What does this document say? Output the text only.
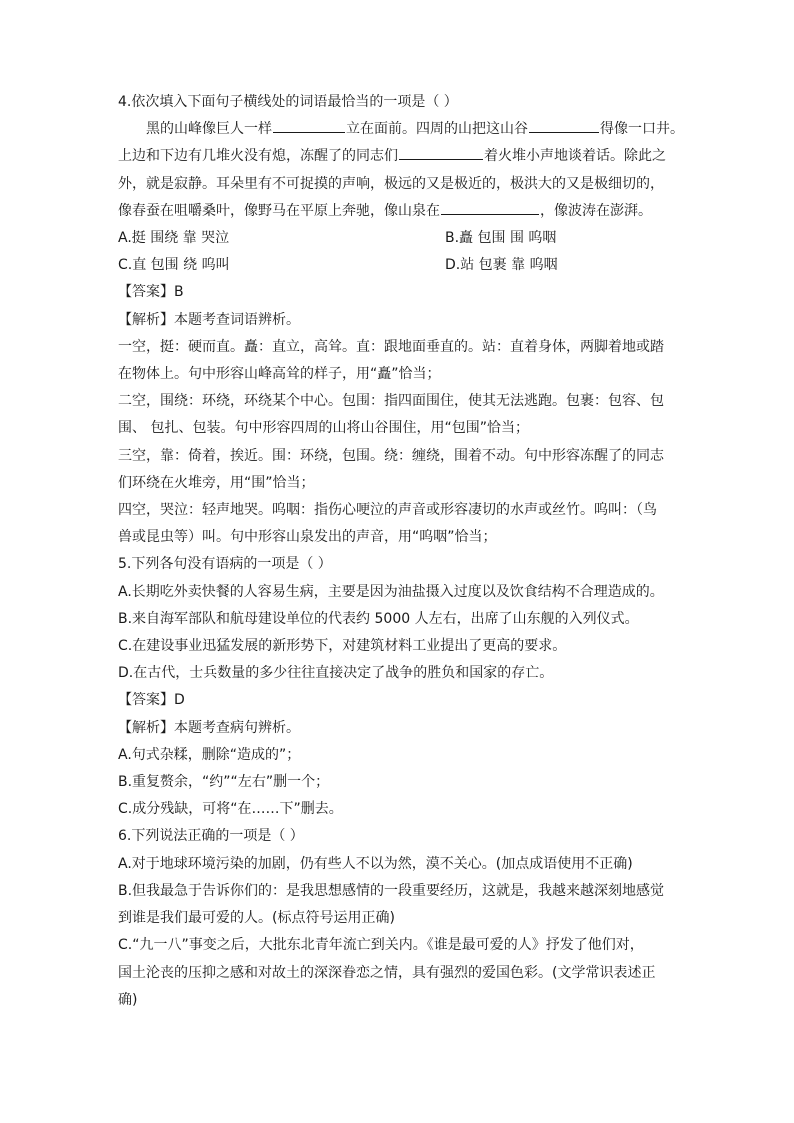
4.依次填入下面句子横线处的词语最恰当的一项是（ ）
黑的山峰像巨人一样	立在面前。四周的山把这山谷	得像一口井。
上边和下边有几堆火没有熄，冻醒了的同志们	着火堆小声地谈着话。除此之
外，就是寂静。耳朵里有不可捉摸的声响，极远的又是极近的，极洪大的又是极细切的，
像春蚕在咀嚼桑叶，像野马在平原上奔驰，像山泉在	，像波涛在澎湃。
A.挺 围绕 靠 哭泣	B.矗 包围 围 呜咽
C.直 包围 绕 呜叫	D.站 包裹 靠 呜咽
【答案】B
【解析】本题考查词语辨析。
一空，挺：硬而直。矗：直立，高耸。直：跟地面垂直的。站：直着身体，两脚着地或踏
在物体上。句中形容山峰高耸的样子，用“矗”恰当；
二空，围绕：环绕，环绕某个中心。包围：指四面围住，使其无法逃跑。包裹：包容、包
围、 包扎、包装。句中形容四周的山将山谷围住，用“包围”恰当；
三空，靠：倚着，挨近。围：环绕，包围。绕：缠绕，围着不动。句中形容冻醒了的同志
们环绕在火堆旁，用“围”恰当；
四空，哭泣：轻声地哭。呜咽：指伤心哽泣的声音或形容凄切的水声或丝竹。呜叫：（鸟
兽或昆虫等）叫。句中形容山泉发出的声音，用“呜咽”恰当；
5.下列各句没有语病的一项是（ ）
A.长期吃外卖快餐的人容易生病，主要是因为油盐摄入过度以及饮食结构不合理造成的。
B.来自海军部队和航母建设单位的代表约 5000 人左右，出席了山东舰的入列仪式。
C.在建设事业迅猛发展的新形势下，对建筑材料工业提出了更高的要求。
D.在古代，士兵数量的多少往往直接决定了战争的胜负和国家的存亡。
【答案】D
【解析】本题考查病句辨析。
A.句式杂糅，删除“造成的”；
B.重复赘余，“约”“左右”删一个；
C.成分残缺，可将“在……下”删去。
6.下列说法正确的一项是（ ）
A.对于地球环境污染的加剧，仍有些人不以为然，漠不关心。(加点成语使用不正确)
B.但我最急于告诉你们的：是我思想感情的一段重要经历，这就是，我越来越深刻地感觉
到谁是我们最可爱的人。(标点符号运用正确)
C.“九一八”事变之后，大批东北青年流亡到关内。《谁是最可爱的人》抒发了他们对，
国土沦丧的压抑之感和对故土的深深眷恋之情，具有强烈的爱国色彩。(文学常识表述正
确)
